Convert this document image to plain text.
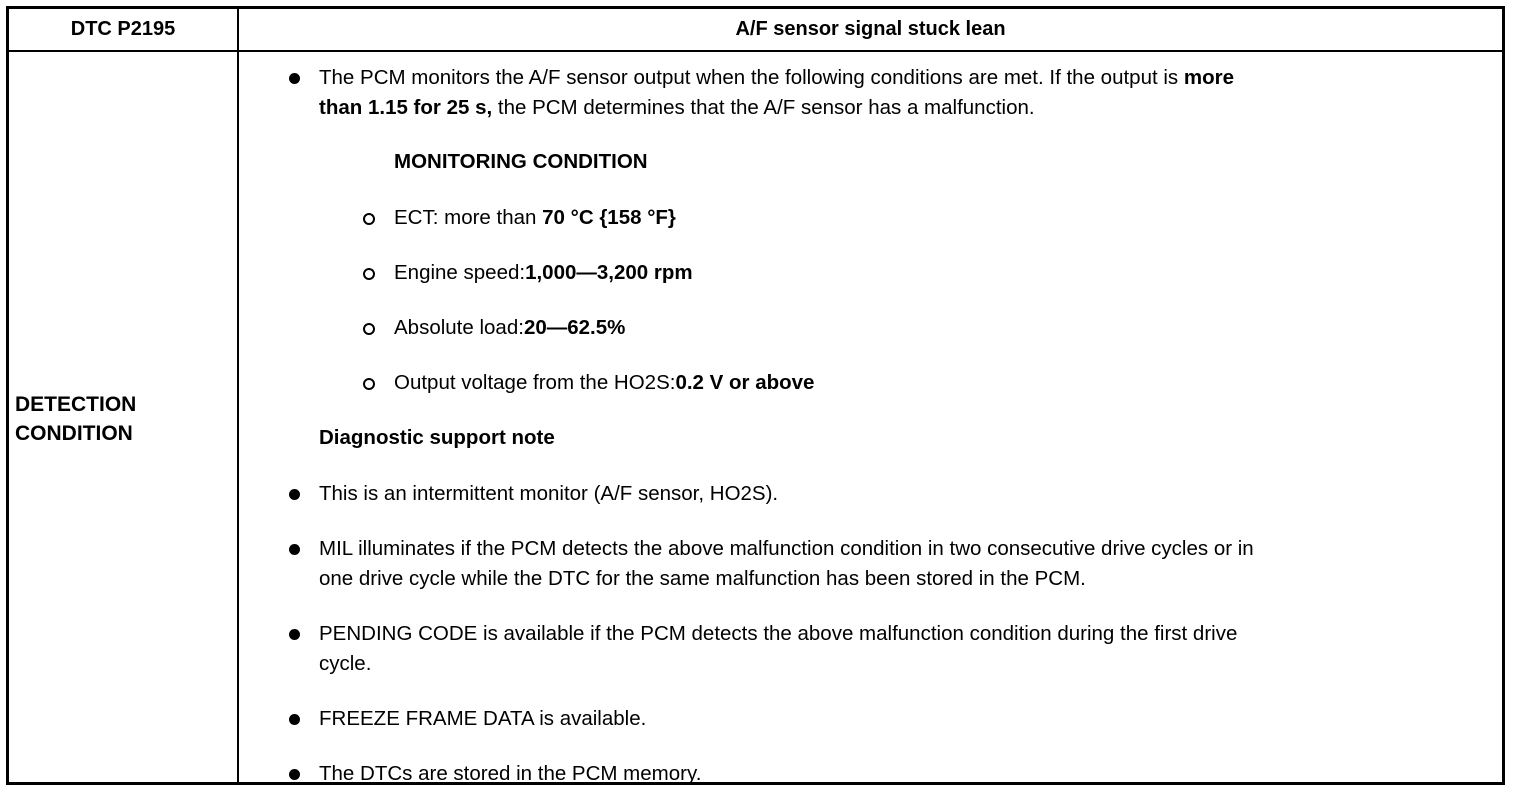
DTC P2195	A/F sensor signal stuck lean
DETECTION
CONDITION
The PCM monitors the A/F sensor output when the following conditions are met. If the output is more
than 1.15 for 25 s, the PCM determines that the A/F sensor has a malfunction.
MONITORING CONDITION
ECT: more than 70 °C {158 °F}
Engine speed:1,000—3,200 rpm
Absolute load:20—62.5%
Output voltage from the HO2S:0.2 V or above
Diagnostic support note
This is an intermittent monitor (A/F sensor, HO2S).
MIL illuminates if the PCM detects the above malfunction condition in two consecutive drive cycles or in
one drive cycle while the DTC for the same malfunction has been stored in the PCM.
PENDING CODE is available if the PCM detects the above malfunction condition during the first drive
cycle.
FREEZE FRAME DATA is available.
The DTCs are stored in the PCM memory.
